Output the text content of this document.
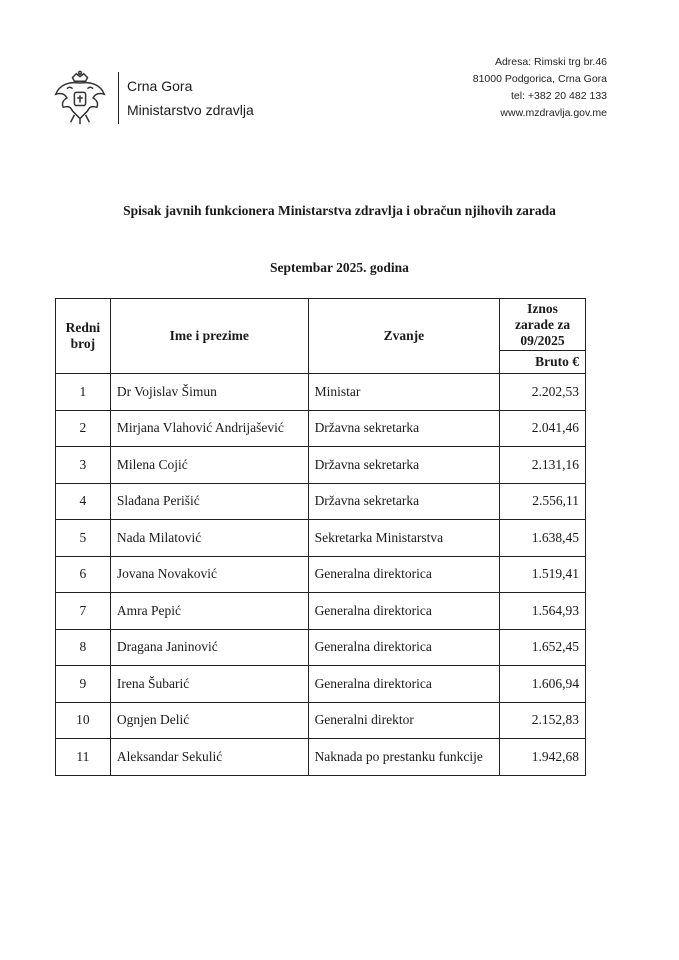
Crna Gora
Ministarstvo zdravlja
Adresa: Rimski trg br.46
81000 Podgorica, Crna Gora
tel: +382 20 482 133
www.mzdravlja.gov.me
Spisak javnih funkcionera Ministarstva zdravlja i obračun njihovih zarada
Septembar 2025. godina
Redni broj	Ime i prezime	Zvanje	Iznos zarade za 09/2025
			Bruto €
1	Dr Vojislav Šimun	Ministar	2.202,53
2	Mirjana Vlahović Andrijašević	Državna sekretarka	2.041,46
3	Milena Cojić	Državna sekretarka	2.131,16
4	Slađana Perišić	Državna sekretarka	2.556,11
5	Nada Milatović	Sekretarka Ministarstva	1.638,45
6	Jovana Novaković	Generalna direktorica	1.519,41
7	Amra Pepić	Generalna direktorica	1.564,93
8	Dragana Janinović	Generalna direktorica	1.652,45
9	Irena Šubarić	Generalna direktorica	1.606,94
10	Ognjen Delić	Generalni direktor	2.152,83
11	Aleksandar Sekulić	Naknada po prestanku funkcije	1.942,68
